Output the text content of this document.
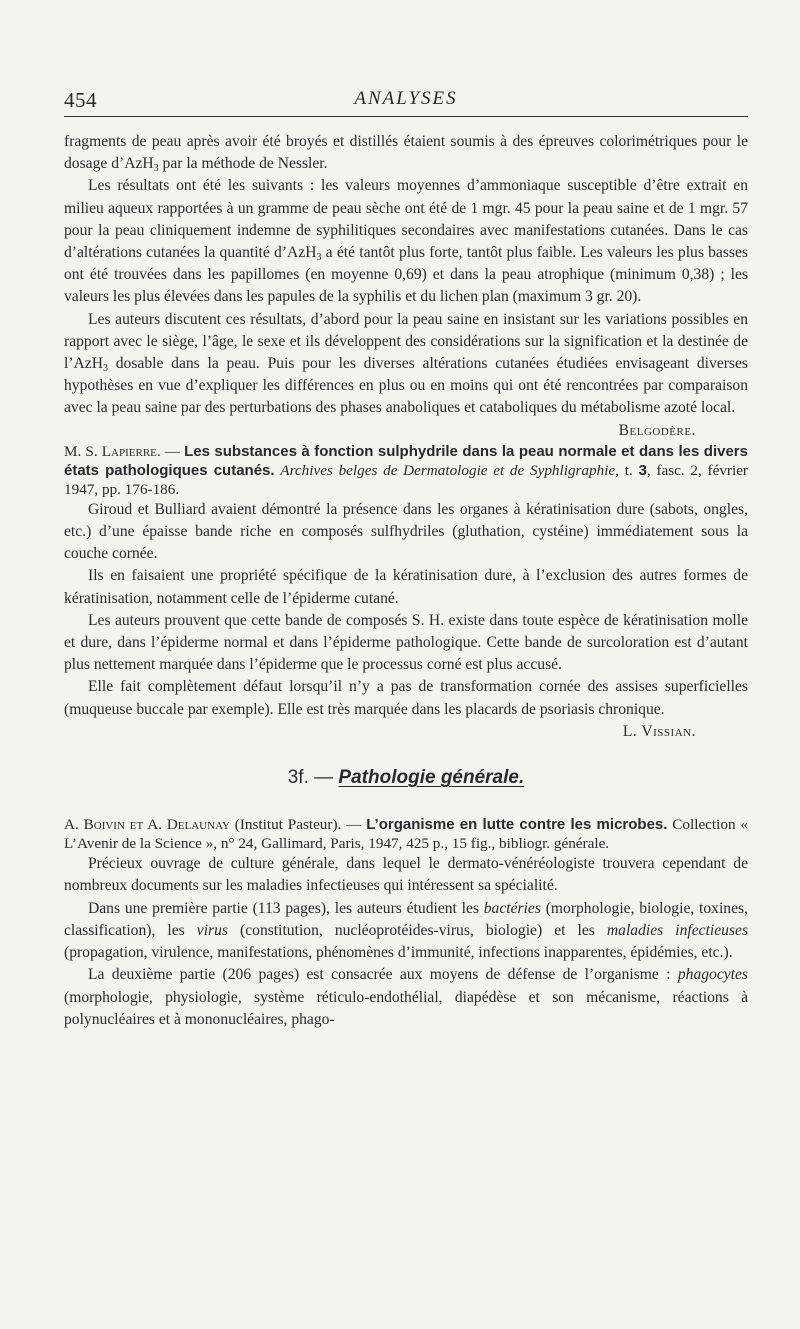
454	ANALYSES

fragments de peau après avoir été broyés et distillés étaient soumis à des épreuves colorimétriques pour le dosage d’AzH$_3$ par la méthode de Nessler.

Les résultats ont été les suivants : les valeurs moyennes d’ammoniaque susceptible d’être extrait en milieu aqueux rapportées à un gramme de peau sèche ont été de 1 mgr. 45 pour la peau saine et de 1 mgr. 57 pour la peau cliniquement indemne de syphilitiques secondaires avec manifestations cutanées. Dans le cas d’altérations cutanées la quantité d’AzH$_3$ a été tantôt plus forte, tantôt plus faible. Les valeurs les plus basses ont été trouvées dans les papillomes (en moyenne 0,69) et dans la peau atrophique (minimum 0,38) ; les valeurs les plus élevées dans les papules de la syphilis et du lichen plan (maximum 3 gr. 20).

Les auteurs discutent ces résultats, d’abord pour la peau saine en insistant sur les variations possibles en rapport avec le siège, l’âge, le sexe et ils développent des considérations sur la signification et la destinée de l’AzH$_3$ dosable dans la peau. Puis pour les diverses altérations cutanées étudiées envisageant diverses hypothèses en vue d’expliquer les différences en plus ou en moins qui ont été rencontrées par comparaison avec la peau saine par des perturbations des phases anaboliques et cataboliques du métabolisme azoté local.

Belgodère.

M. S. Lapierre. — Les substances à fonction sulphydrile dans la peau normale et dans les divers états pathologiques cutanés. Archives belges de Dermatologie et de Syphligraphie, t. 3, fasc. 2, février 1947, pp. 176-186.

Giroud et Bulliard avaient démontré la présence dans les organes à kératinisation dure (sabots, ongles, etc.) d’une épaisse bande riche en composés sulfhydriles (gluthation, cystéine) immédiatement sous la couche cornée.

Ils en faisaient une propriété spécifique de la kératinisation dure, à l’exclusion des autres formes de kératinisation, notamment celle de l’épiderme cutané.

Les auteurs prouvent que cette bande de composés S. H. existe dans toute espèce de kératinisation molle et dure, dans l’épiderme normal et dans l’épiderme pathologique. Cette bande de surcoloration est d’autant plus nettement marquée dans l’épiderme que le processus corné est plus accusé.

Elle fait complètement défaut lorsqu’il n’y a pas de transformation cornée des assises superficielles (muqueuse buccale par exemple). Elle est très marquée dans les placards de psoriasis chronique.

L. Vissian.

3f. — Pathologie générale.

A. Boivin et A. Delaunay (Institut Pasteur). — L’organisme en lutte contre les microbes. Collection « L’Avenir de la Science », n° 24, Gallimard, Paris, 1947, 425 p., 15 fig., bibliogr. générale.

Précieux ouvrage de culture générale, dans lequel le dermato-vénéréologiste trouvera cependant de nombreux documents sur les maladies infectieuses qui intéressent sa spécialité.

Dans une première partie (113 pages), les auteurs étudient les bactéries (morphologie, biologie, toxines, classification), les virus (constitution, nucléoprotéides-virus, biologie) et les maladies infectieuses (propagation, virulence, manifestations, phénomènes d’immunité, infections inapparentes, épidémies, etc.).

La deuxième partie (206 pages) est consacrée aux moyens de défense de l’organisme : phagocytes (morphologie, physiologie, système réticulo-endothélial, diapédèse et son mécanisme, réactions à polynucléaires et à mononucléaires, phago-
